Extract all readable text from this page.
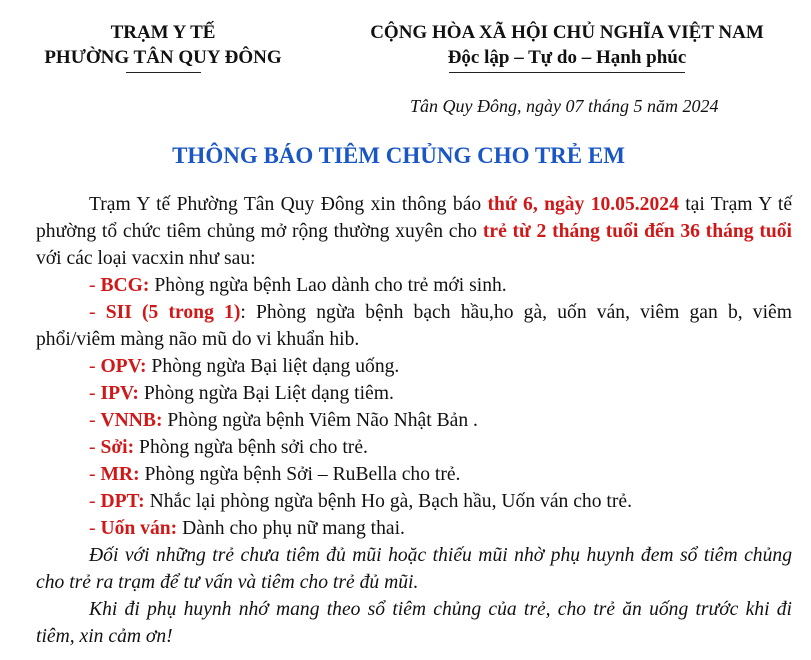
TRẠM Y TẾ
PHƯỜNG TÂN QUY ĐÔNG
CỘNG HÒA XÃ HỘI CHỦ NGHĨA VIỆT NAM
Độc lập – Tự do – Hạnh phúc
Tân Quy Đông, ngày 07 tháng 5 năm 2024
THÔNG BÁO TIÊM CHỦNG CHO TRẺ EM

Trạm Y tế Phường Tân Quy Đông xin thông báo thứ 6, ngày 10.05.2024 tại Trạm Y tế phường tổ chức tiêm chủng mở rộng thường xuyên cho trẻ từ 2 tháng tuổi đến 36 tháng tuổi với các loại vacxin như sau:

- BCG: Phòng ngừa bệnh Lao dành cho trẻ mới sinh.

- SII (5 trong 1): Phòng ngừa bệnh bạch hầu,ho gà, uốn ván, viêm gan b, viêm phổi/viêm màng não mũ do vi khuẩn hib.

- OPV: Phòng ngừa Bại liệt dạng uống.

- IPV: Phòng ngừa Bại Liệt dạng tiêm.

- VNNB: Phòng ngừa bệnh Viêm Não Nhật Bản .

- Sởi: Phòng ngừa bệnh sởi cho trẻ.

- MR: Phòng ngừa bệnh Sởi – RuBella cho trẻ.

- DPT: Nhắc lại phòng ngừa bệnh Ho gà, Bạch hầu, Uốn ván cho trẻ.

- Uốn ván: Dành cho phụ nữ mang thai.

Đối với những trẻ chưa tiêm đủ mũi hoặc thiếu mũi nhờ phụ huynh đem sổ tiêm chủng cho trẻ ra trạm để tư vấn và tiêm cho trẻ đủ mũi.

Khi đi phụ huynh nhớ mang theo sổ tiêm chủng của trẻ, cho trẻ ăn uống trước khi đi tiêm, xin cảm ơn!
